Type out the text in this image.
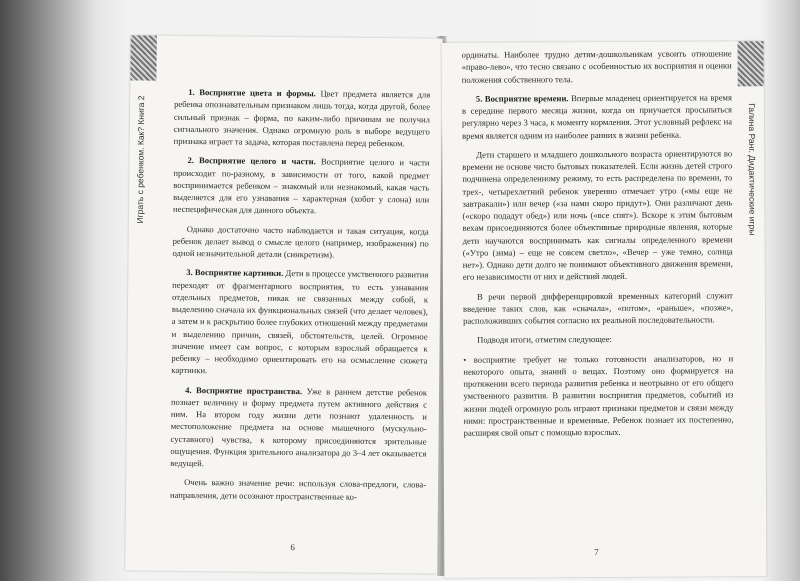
Играть с ребенком. Как? Книга 2

1. Восприятие цвета и формы. Цвет предмета является для ребенка опознавательным признаком лишь тогда, когда другой, более сильный признак – форма, по каким-либо причинам не получил сигнального значения. Однако огромную роль в выборе ведущего признака играет та задача, которая поставлена перед ребенком.

2. Восприятие целого и части. Восприятие целого и части происходит по-разному, в зависимости от того, какой предмет воспринимается ребенком – знакомый или незнакомый, какая часть выделяется для его узнавания – характерная (хобот у слона) или неспецифическая для данного объекта.

Однако достаточно часто наблюдается и такая ситуация, когда ребенок делает вывод о смысле целого (например, изображения) по одной незначительной детали (синкретизм).

3. Восприятие картинки. Дети в процессе умственного развития переходят от фрагментарного восприятия, то есть узнавания отдельных предметов, никак не связанных между собой, к выделению сначала их функциональных связей (что делает человек), а затем и к раскрытию более глубоких отношений между предметами и выделению причин, связей, обстоятельств, целей. Огромное значение имеет сам вопрос, с которым взрослый обращается к ребенку – необходимо ориентировать его на осмысление сюжета картинки.

4. Восприятие пространства. Уже в раннем детстве ребенок познает величину и форму предмета путем активного действия с ним. На втором году жизни дети познают удаленность и местоположение предмета на основе мышечного (мускульно-суставного) чувства, к которому присоединяются зрительные ощущения. Функция зрительного анализатора до 3–4 лет оказывается ведущей.

Очень важно значение речи: используя слова-предлоги, слова-направления, дети осознают пространственные ко-

6
Галина Ранг. Дидактические игры

ординаты. Наиболее трудно детям-дошкольникам усвоить отношение «право-лево», что тесно связано с особенностью их восприятия и оценки положения собственного тела.

5. Восприятие времени. Впервые младенец ориентируется на время в середине первого месяца жизни, когда он приучается просыпаться регулярно через 3 часа, к моменту кормления. Этот условный рефлекс на время является одним из наиболее ранних в жизни ребенка.

Дети старшего и младшего дошкольного возраста ориентируются во времени не основе чисто бытовых показателей. Если жизнь детей строго подчинена определенному режиму, то есть распределена по времени, то трех-, четырехлетний ребенок уверенно отмечает утро («мы еще не завтракали») или вечер («за нами скоро придут»). Они различают день («скоро подадут обед») или ночь («все спят»). Вскоре к этим бытовым вехам присоединяются более объективные природные явления, которые дети научаются воспринимать как сигналы определенного времени («Утро (зима) – еще не совсем светло», «Вечер – уже темно, солнца нет»). Однако дети долго не понимают объективного движения времени, его независимости от них и действий людей.

В речи первой дифференцировкой временных категорий служит введение таких слов, как «сначала», «потом», «раньше», «позже», расположивших события согласно их реальной последовательности.

Подводя итоги, отметим следующее:

• восприятие требует не только готовности анализаторов, но и некоторого опыта, знаний о вещах. Поэтому оно формируется на протяжении всего периода развития ребенка и неотрывно от его общего умственного развития. В развитии восприятия предметов, событий из жизни людей огромную роль играют признаки предметов и связи между ними: пространственные и временные. Ребенок познает их постепенно, расширяя свой опыт с помощью взрослых.

7
